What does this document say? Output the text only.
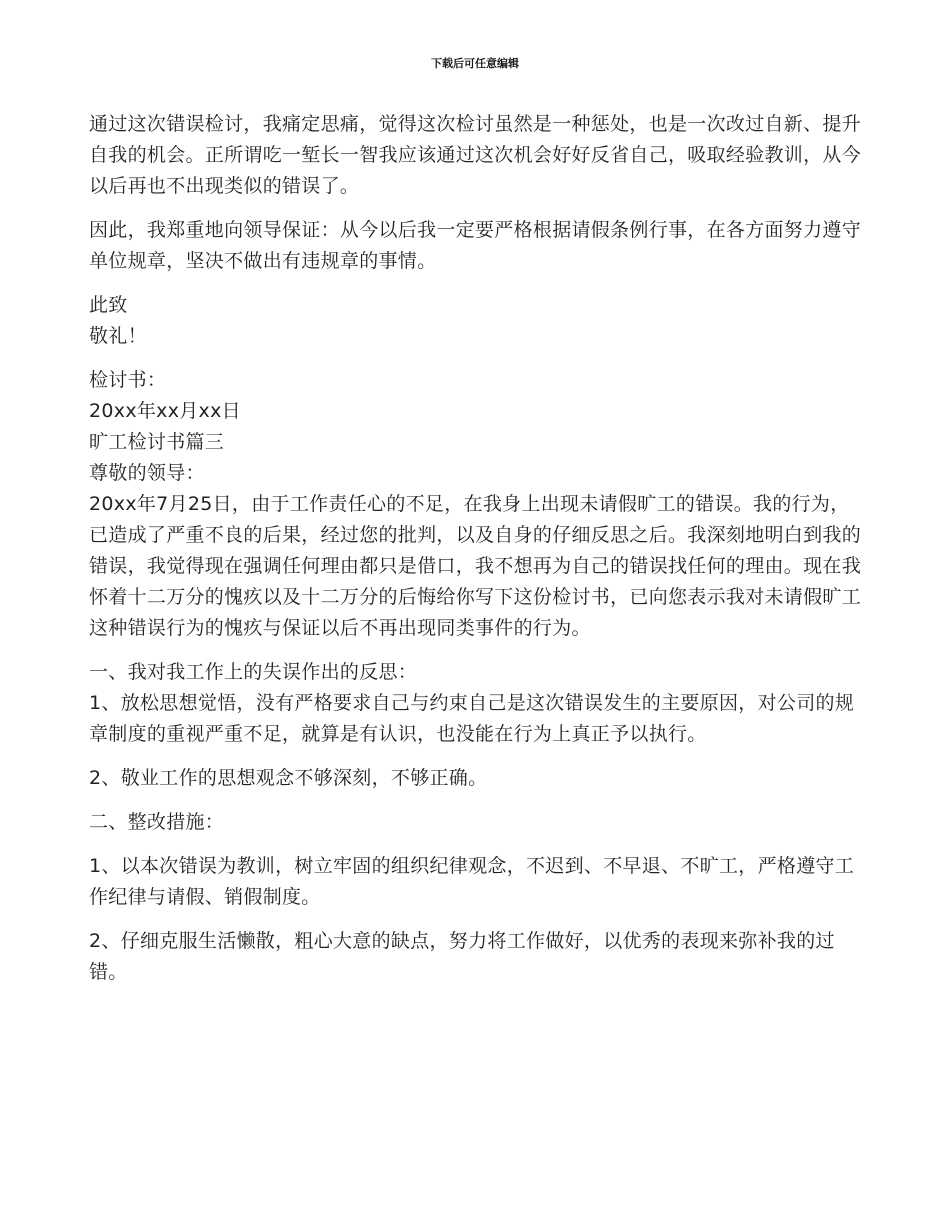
下载后可任意编辑

通过这次错误检讨，我痛定思痛，觉得这次检讨虽然是一种惩处，也是一次改过自新、提升自我的机会。正所谓吃一堑长一智我应该通过这次机会好好反省自己，吸取经验教训，从今以后再也不出现类似的错误了。

因此，我郑重地向领导保证：从今以后我一定要严格根据请假条例行事，在各方面努力遵守单位规章，坚决不做出有违规章的事情。

此致

敬礼！

检讨书：

20xx年xx月xx日

旷工检讨书篇三

尊敬的领导：

20xx年7月25日，由于工作责任心的不足，在我身上出现未请假旷工的错误。我的行为，已造成了严重不良的后果，经过您的批判，以及自身的仔细反思之后。我深刻地明白到我的错误，我觉得现在强调任何理由都只是借口，我不想再为自己的错误找任何的理由。现在我怀着十二万分的愧疚以及十二万分的后悔给你写下这份检讨书，已向您表示我对未请假旷工这种错误行为的愧疚与保证以后不再出现同类事件的行为。

一、我对我工作上的失误作出的反思：

1、放松思想觉悟，没有严格要求自己与约束自己是这次错误发生的主要原因，对公司的规章制度的重视严重不足，就算是有认识，也没能在行为上真正予以执行。

2、敬业工作的思想观念不够深刻，不够正确。

二、整改措施：

1、以本次错误为教训，树立牢固的组织纪律观念，不迟到、不早退、不旷工，严格遵守工作纪律与请假、销假制度。

2、仔细克服生活懒散，粗心大意的缺点，努力将工作做好，以优秀的表现来弥补我的过错。
